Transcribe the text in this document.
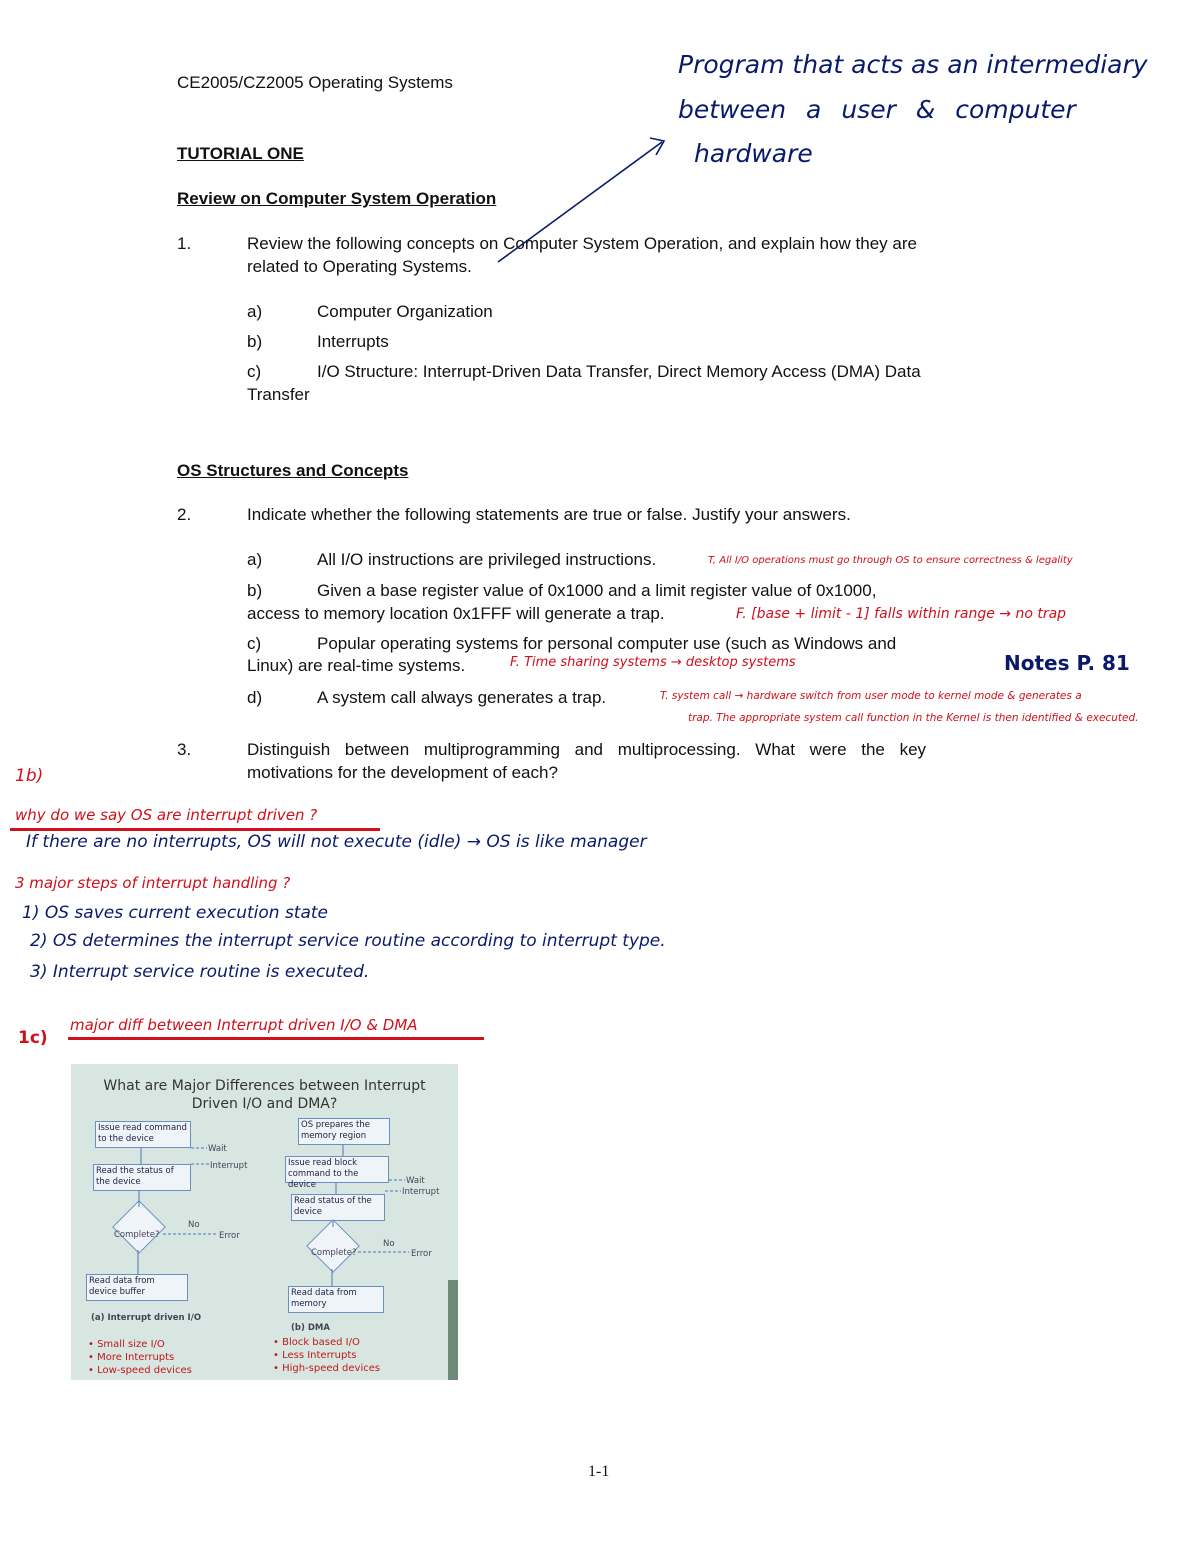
CE2005/CZ2005 Operating Systems
TUTORIAL ONE
Review on Computer System Operation
1.	Review the following concepts on Computer System Operation, and explain how they are
related to Operating Systems.
a)	Computer Organization
b)	Interrupts
c)	I/O Structure: Interrupt-Driven Data Transfer, Direct Memory Access (DMA) Data
Transfer
OS Structures and Concepts
2.	Indicate whether the following statements are true or false. Justify your answers.
a)	All I/O instructions are privileged instructions.
b)	Given a base register value of 0x1000 and a limit register value of 0x1000,
access to memory location 0x1FFF will generate a trap.
c)	Popular operating systems for personal computer use (such as Windows and
Linux) are real-time systems.
d)	A system call always generates a trap.
3.	Distinguish between multiprogramming and multiprocessing. What were the key
motivations for the development of each?
Program that acts as an intermediary
between a user & computer
hardware
T, All I/O operations must go through OS to ensure correctness & legality
F. [base + limit - 1] falls within range → no trap
F. Time sharing systems → desktop systems	Notes P. 81
T. system call → hardware switch from user mode to kernel mode & generates a
trap. The appropriate system call function in the Kernel is then identified & executed.
1b)
why do we say OS are interrupt driven ?
If there are no interrupts, OS will not execute (idle) → OS is like manager
3 major steps of interrupt handling ?
1) OS saves current execution state
2) OS determines the interrupt service routine according to interrupt type.
3) Interrupt service routine is executed.
1c)
major diff between Interrupt driven I/O & DMA
What are Major Differences between Interrupt
Driven I/O and DMA?
Issue read command to the device
Wait
Read the status of the device
Interrupt
Complete?
No
Error
Read data from device buffer
(a) Interrupt driven I/O
• Small size I/O
• More Interrupts
• Low-speed devices
OS prepares the memory region
Issue read block command to the device	Wait
Interrupt
Read status of the device
Complete?
No
Error
Read data from memory
(b) DMA
• Block based I/O
• Less Interrupts
• High-speed devices
1-1
